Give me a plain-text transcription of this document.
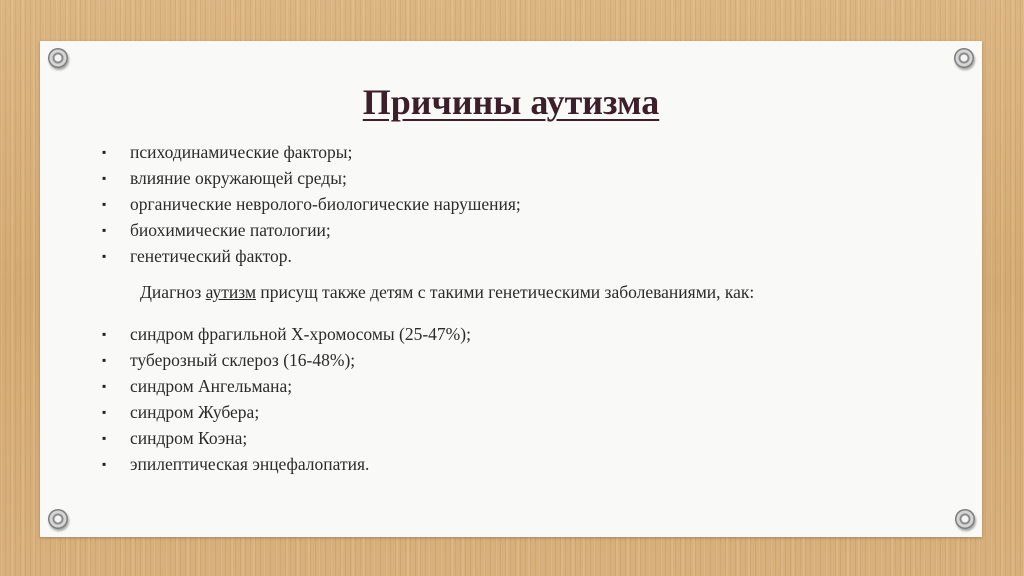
Причины аутизма
▪ психодинамические факторы;
▪ влияние окружающей среды;
▪ органические неврологo-биологические нарушения;
▪ биохимические патологии;
▪ генетический фактор.
Диагноз аутизм присущ также детям с такими генетическими заболеваниями, как:
▪ синдром фрагильной Х-хромосомы (25-47%);
▪ туберозный склероз (16-48%);
▪ синдром Ангельмана;
▪ синдром Жубера;
▪ синдром Коэна;
▪ эпилептическая энцефалопатия.
